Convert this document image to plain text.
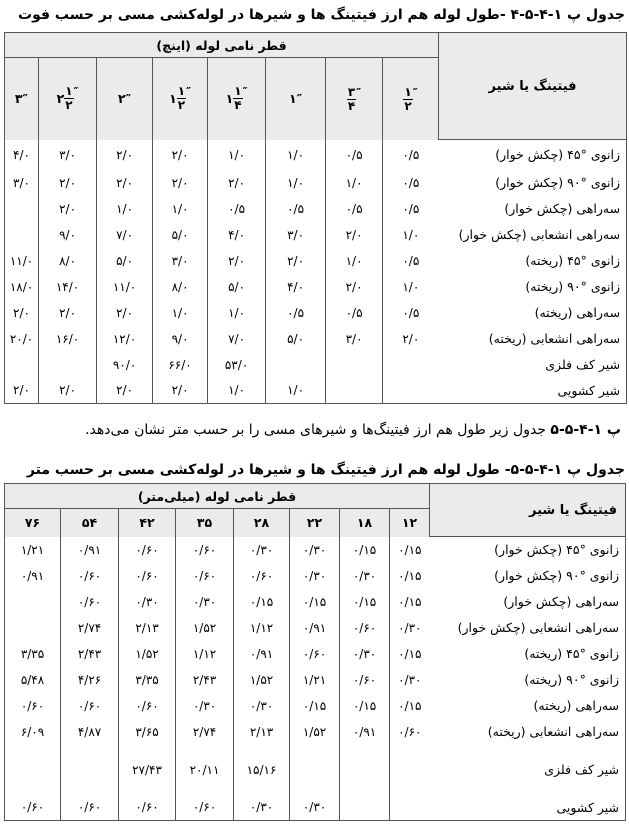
جدول پ ۱-۴-۵-۴ -طول لوله هم ارز فیتینگ ها و شیرها در لوله‌کشی مسی بر حسب فوت
فیتینگ یا شیر	قطر نامی لوله (اینچ)							

	$\frac{۱}{۲}$ ″	$\frac{۳}{۴}$ ″	۱″	۱ $\frac{۱}{۴}$ ″	۱ $\frac{۱}{۲}$ ″	۲″	۲ $\frac{۱}{۲}$ ″	۳″
زانوی °۴۵ (چکش خوار)	۰/۵	۰/۵	۱/۰	۱/۰	۲/۰	۲/۰	۳/۰	۴/۰
زانوی °۹۰ (چکش خوار)	۰/۵	۱/۰	۱/۰	۲/۰	۲/۰	۲/۰	۲/۰	۳/۰
سه‌راهی (چکش خوار)	۰/۵	۰/۵	۰/۵	۰/۵	۱/۰	۱/۰	۲/۰	
سه‌راهی انشعابی (چکش خوار)	۱/۰	۲/۰	۳/۰	۴/۰	۵/۰	۷/۰	۹/۰	
زانوی °۴۵ (ریخته)	۰/۵	۱/۰	۲/۰	۲/۰	۳/۰	۵/۰	۸/۰	۱۱/۰
زانوی °۹۰ (ریخته)	۱/۰	۲/۰	۴/۰	۵/۰	۸/۰	۱۱/۰	۱۴/۰	۱۸/۰
سه‌راهی (ریخته)	۰/۵	۰/۵	۰/۵	۱/۰	۱/۰	۲/۰	۲/۰	۲/۰
سه‌راهی انشعابی (ریخته)	۲/۰	۳/۰	۵/۰	۷/۰	۹/۰	۱۲/۰	۱۶/۰	۲۰/۰
شیر کف فلزی				۵۳/۰	۶۶/۰	۹۰/۰		
شیر کشویی			۱/۰	۱/۰	۲/۰	۲/۰	۲/۰	۲/۰
پ ۱-۴-۵-۵ جدول زیر طول هم ارز فیتینگ‌ها و شیرهای مسی را بر حسب متر نشان می‌دهد.
جدول پ ۱-۴-۵-۵- طول لوله هم ارز فیتینگ ها و شیرها در لوله‌کشی مسی بر حسب متر
فیتینگ یا شیر	قطر نامی لوله (میلی‌متر)							
	۱۲	۱۸	۲۲	۲۸	۳۵	۴۲	۵۴	۷۶
زانوی °۴۵ (چکش خوار)	۰/۱۵	۰/۱۵	۰/۳۰	۰/۳۰	۰/۶۰	۰/۶۰	۰/۹۱	۱/۲۱
زانوی °۹۰ (چکش خوار)	۰/۱۵	۰/۳۰	۰/۳۰	۰/۶۰	۰/۶۰	۰/۶۰	۰/۶۰	۰/۹۱
سه‌راهی (چکش خوار)	۰/۱۵	۰/۱۵	۰/۱۵	۰/۱۵	۰/۳۰	۰/۳۰	۰/۶۰	
سه‌راهی انشعابی (چکش خوار)	۰/۳۰	۰/۶۰	۰/۹۱	۱/۱۲	۱/۵۲	۲/۱۳	۲/۷۴	
زانوی °۴۵ (ریخته)	۰/۱۵	۰/۳۰	۰/۶۰	۰/۹۱	۱/۱۲	۱/۵۲	۲/۴۳	۳/۳۵
زانوی °۹۰ (ریخته)	۰/۳۰	۰/۶۰	۱/۲۱	۱/۵۲	۲/۴۳	۳/۳۵	۴/۲۶	۵/۴۸
سه‌راهی (ریخته)	۰/۱۵	۰/۱۵	۰/۱۵	۰/۳۰	۰/۳۰	۰/۶۰	۰/۶۰	۰/۶۰
سه‌راهی انشعابی (ریخته)	۰/۶۰	۰/۹۱	۱/۵۲	۲/۱۳	۲/۷۴	۳/۶۵	۴/۸۷	۶/۰۹
شیر کف فلزی				۱۵/۱۶	۲۰/۱۱	۲۷/۴۳		
شیر کشویی			۰/۳۰	۰/۳۰	۰/۶۰	۰/۶۰	۰/۶۰	۰/۶۰
